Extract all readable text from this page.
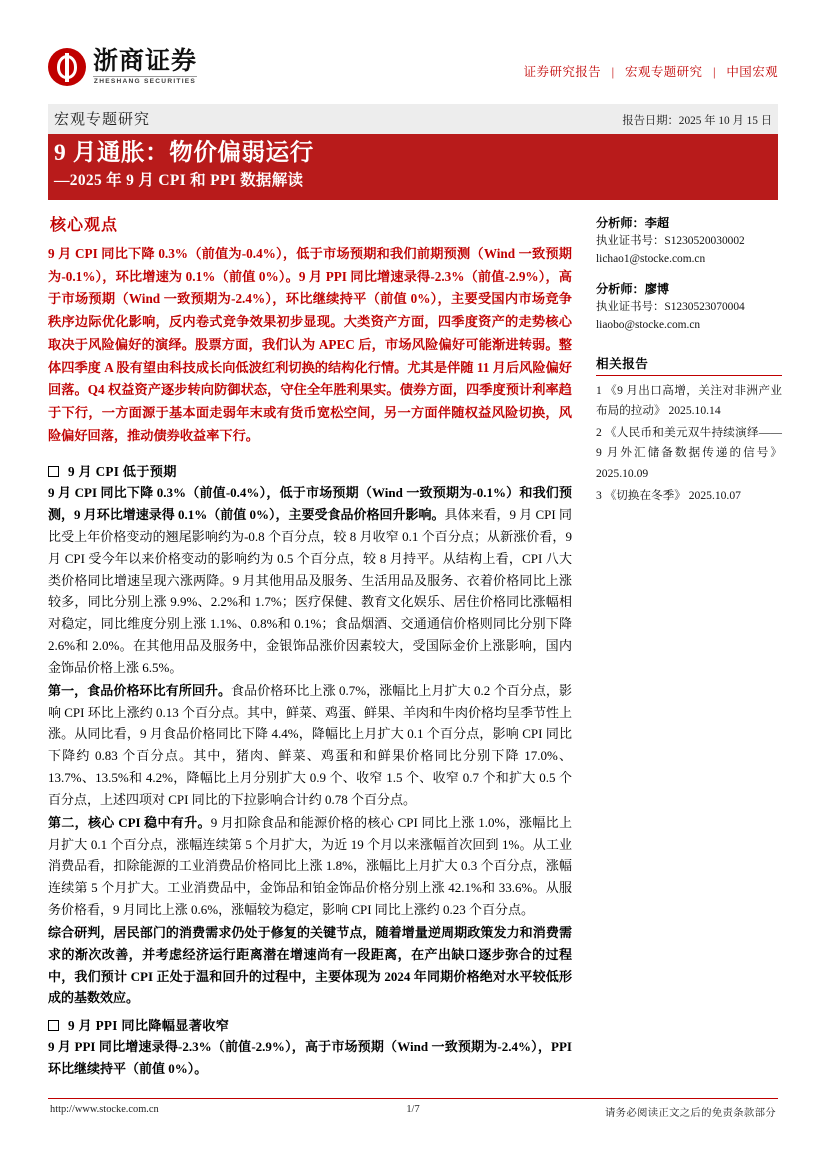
浙商证券
ZHESHANG SECURITIES
证券研究报告 | 宏观专题研究 | 中国宏观
宏观专题研究	报告日期：2025 年 10 月 15 日
9 月通胀：物价偏弱运行
—2025 年 9 月 CPI 和 PPI 数据解读
核心观点

9 月 CPI 同比下降 0.3%（前值为-0.4%），低于市场预期和我们前期预测（Wind 一致预期为-0.1%），环比增速为 0.1%（前值 0%）。9 月 PPI 同比增速录得-2.3%（前值-2.9%），高于市场预期（Wind 一致预期为-2.4%），环比继续持平（前值 0%），主要受国内市场竞争秩序边际优化影响，反内卷式竞争效果初步显现。大类资产方面，四季度资产的走势核心取决于风险偏好的演绎。股票方面，我们认为 APEC 后，市场风险偏好可能渐进转弱。整体四季度 A 股有望由科技成长向低波红利切换的结构化行情。尤其是伴随 11 月后风险偏好回落。Q4 权益资产逐步转向防御状态，守住全年胜利果实。债券方面，四季度预计利率趋于下行，一方面源于基本面走弱年末或有货币宽松空间，另一方面伴随权益风险切换，风险偏好回落，推动债券收益率下行。

9 月 CPI 低于预期

9 月 CPI 同比下降 0.3%（前值-0.4%），低于市场预期（Wind 一致预期为-0.1%）和我们预测，9 月环比增速录得 0.1%（前值 0%），主要受食品价格回升影响。具体来看，9 月 CPI 同比受上年价格变动的翘尾影响约为-0.8 个百分点，较 8 月收窄 0.1 个百分点；从新涨价看，9 月 CPI 受今年以来价格变动的影响约为 0.5 个百分点，较 8 月持平。从结构上看，CPI 八大类价格同比增速呈现六涨两降。9 月其他用品及服务、生活用品及服务、衣着价格同比上涨较多，同比分别上涨 9.9%、2.2%和 1.7%；医疗保健、教育文化娱乐、居住价格同比涨幅相对稳定，同比维度分别上涨 1.1%、0.8%和 0.1%；食品烟酒、交通通信价格则同比分别下降 2.6%和 2.0%。在其他用品及服务中，金银饰品涨价因素较大，受国际金价上涨影响，国内金饰品价格上涨 6.5%。

第一，食品价格环比有所回升。食品价格环比上涨 0.7%，涨幅比上月扩大 0.2 个百分点，影响 CPI 环比上涨约 0.13 个百分点。其中，鲜菜、鸡蛋、鲜果、羊肉和牛肉价格均呈季节性上涨。从同比看，9 月食品价格同比下降 4.4%，降幅比上月扩大 0.1 个百分点，影响 CPI 同比下降约 0.83 个百分点。其中，猪肉、鲜菜、鸡蛋和和鲜果价格同比分别下降 17.0%、13.7%、13.5%和 4.2%，降幅比上月分别扩大 0.9 个、收窄 1.5 个、收窄 0.7 个和扩大 0.5 个百分点，上述四项对 CPI 同比的下拉影响合计约 0.78 个百分点。

第二，核心 CPI 稳中有升。9 月扣除食品和能源价格的核心 CPI 同比上涨 1.0%，涨幅比上月扩大 0.1 个百分点，涨幅连续第 5 个月扩大，为近 19 个月以来涨幅首次回到 1%。从工业消费品看，扣除能源的工业消费品价格同比上涨 1.8%，涨幅比上月扩大 0.3 个百分点，涨幅连续第 5 个月扩大。工业消费品中，金饰品和铂金饰品价格分别上涨 42.1%和 33.6%。从服务价格看，9 月同比上涨 0.6%，涨幅较为稳定，影响 CPI 同比上涨约 0.23 个百分点。

综合研判，居民部门的消费需求仍处于修复的关键节点，随着增量逆周期政策发力和消费需求的渐次改善，并考虑经济运行距离潜在增速尚有一段距离，在产出缺口逐步弥合的过程中，我们预计 CPI 正处于温和回升的过程中，主要体现为 2024 年同期价格绝对水平较低形成的基数效应。

9 月 PPI 同比降幅显著收窄

9 月 PPI 同比增速录得-2.3%（前值-2.9%），高于市场预期（Wind 一致预期为-2.4%），PPI 环比继续持平（前值 0%）。

分析师：李超
执业证书号：S1230520030002
lichao1@stocke.com.cn
分析师：廖博
执业证书号：S1230523070004
liaobo@stocke.com.cn
相关报告
1 《9 月出口高增，关注对非洲产业布局的拉动》 2025.10.14
2 《人民币和美元双牛持续演绎——9 月外汇储备数据传递的信号》 2025.10.09
3 《切换在冬季》 2025.10.07
http://www.stocke.com.cn	1/7	请务必阅读正文之后的免责条款部分
